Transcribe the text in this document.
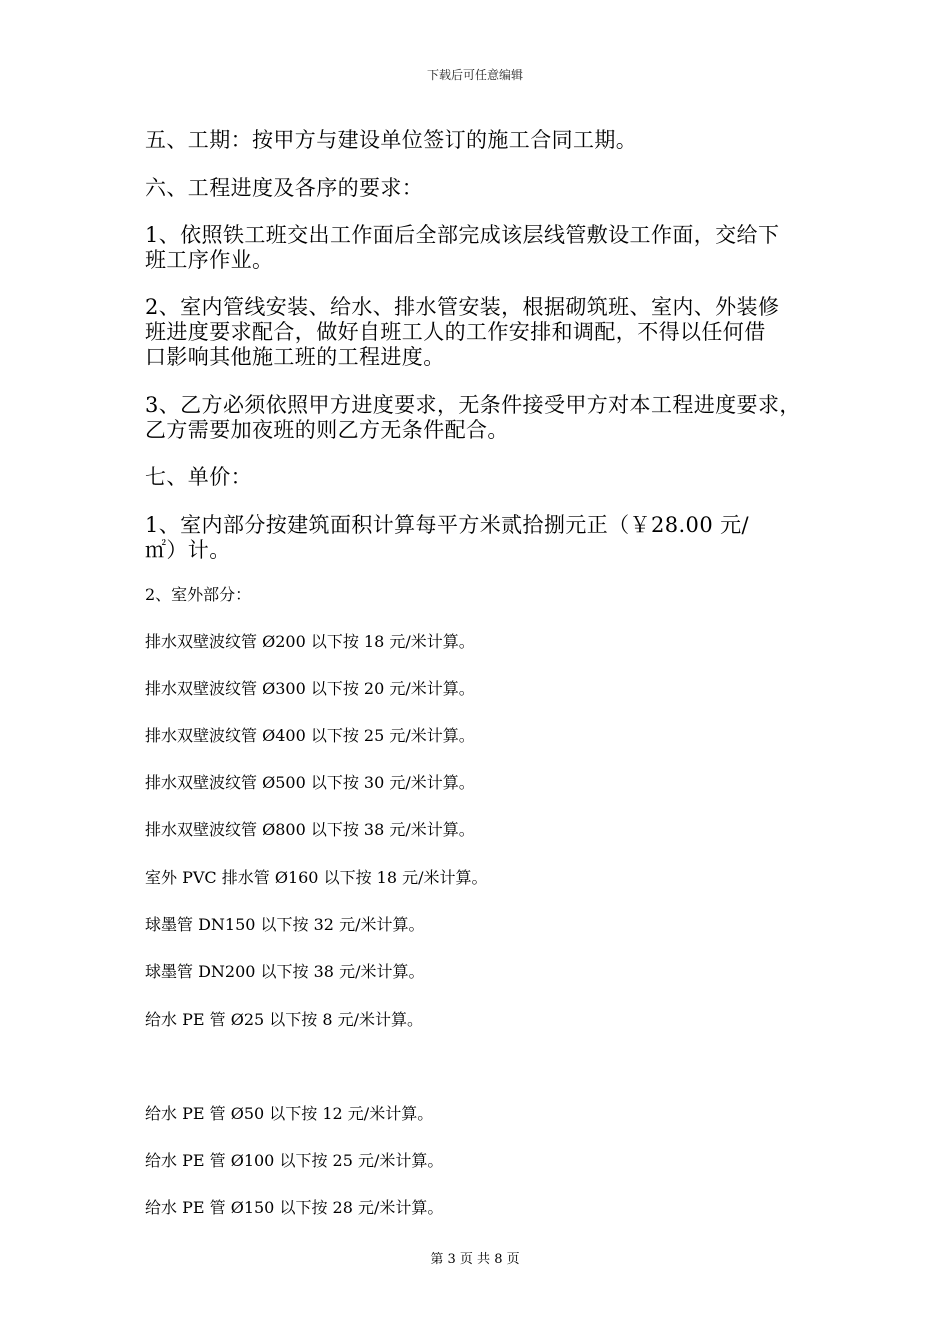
下载后可任意编辑
五、工期：按甲方与建设单位签订的施工合同工期。
六、工程进度及各序的要求：
1、依照铁工班交出工作面后全部完成该层线管敷设工作面，交给下
班工序作业。
2、室内管线安装、给水、排水管安装，根据砌筑班、室内、外装修
班进度要求配合，做好自班工人的工作安排和调配，不得以任何借
口影响其他施工班的工程进度。
3、乙方必须依照甲方进度要求，无条件接受甲方对本工程进度要求，
乙方需要加夜班的则乙方无条件配合。
七、单价：
1、室内部分按建筑面积计算每平方米贰拾捌元正（￥28.00 元/
㎡）计。
2、室外部分：
排水双壁波纹管 Ø200 以下按 18 元/米计算。
排水双壁波纹管 Ø300 以下按 20 元/米计算。
排水双壁波纹管 Ø400 以下按 25 元/米计算。
排水双壁波纹管 Ø500 以下按 30 元/米计算。
排水双壁波纹管 Ø800 以下按 38 元/米计算。
室外 PVC 排水管 Ø160 以下按 18 元/米计算。
球墨管 DN150 以下按 32 元/米计算。
球墨管 DN200 以下按 38 元/米计算。
给水 PE 管 Ø25 以下按 8 元/米计算。
给水 PE 管 Ø50 以下按 12 元/米计算。
给水 PE 管 Ø100 以下按 25 元/米计算。
给水 PE 管 Ø150 以下按 28 元/米计算。
第 3 页 共 8 页
